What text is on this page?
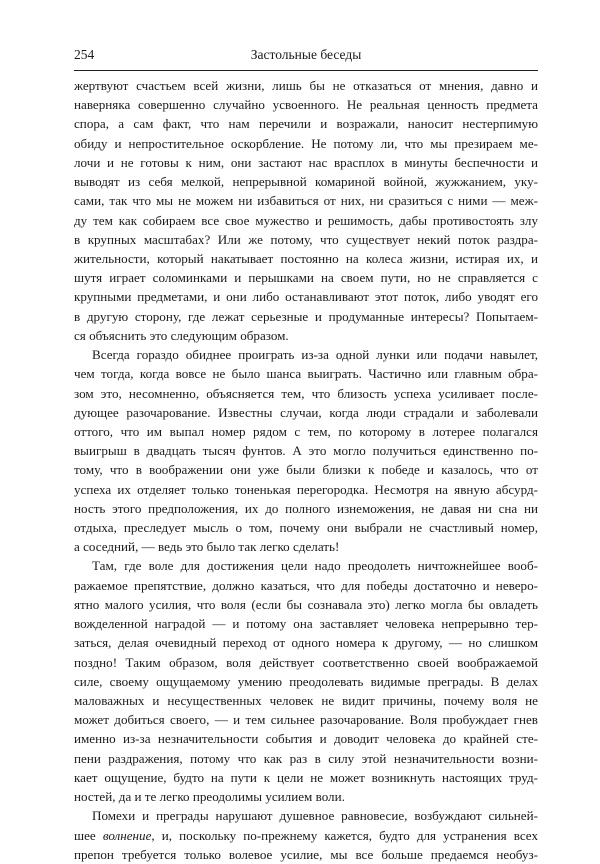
254	Застольные беседы
жертвуют счастьем всей жизни, лишь бы не отказаться от мнения, давно и
наверняка совершенно случайно усвоенного. Не реальная ценность предмета
спора, а сам факт, что нам перечили и возражали, наносит нестерпимую
обиду и непростительное оскорбление. Не потому ли, что мы презираем ме-
лочи и не готовы к ним, они застают нас врасплох в минуты беспечности и
выводят из себя мелкой, непрерывной комариной войной, жужжанием, уку-
сами, так что мы не можем ни избавиться от них, ни сразиться с ними — меж-
ду тем как собираем все свое мужество и решимость, дабы противостоять злу
в крупных масштабах? Или же потому, что существует некий поток раздра-
жительности, который накатывает постоянно на колеса жизни, истирая их, и
шутя играет соломинками и перышками на своем пути, но не справляется с
крупными предметами, и они либо останавливают этот поток, либо уводят его
в другую сторону, где лежат серьезные и продуманные интересы? Попытаем-
ся объяснить это следующим образом.
Всегда гораздо обиднее проиграть из-за одной лунки или подачи навылет,
чем тогда, когда вовсе не было шанса выиграть. Частично или главным обра-
зом это, несомненно, объясняется тем, что близость успеха усиливает после-
дующее разочарование. Известны случаи, когда люди страдали и заболевали
оттого, что им выпал номер рядом с тем, по которому в лотерее полагался
выигрыш в двадцать тысяч фунтов. А это могло получиться единственно по-
тому, что в воображении они уже были близки к победе и казалось, что от
успеха их отделяет только тоненькая перегородка. Несмотря на явную абсурд-
ность этого предположения, их до полного изнеможения, не давая ни сна ни
отдыха, преследует мысль о том, почему они выбрали не счастливый номер,
а соседний, — ведь это было так легко сделать!
Там, где воле для достижения цели надо преодолеть ничтожнейшее вооб-
ражаемое препятствие, должно казаться, что для победы достаточно и неверо-
ятно малого усилия, что воля (если бы сознавала это) легко могла бы овладеть
вожделенной наградой — и потому она заставляет человека непрерывно тер-
заться, делая очевидный переход от одного номера к другому, — но слишком
поздно! Таким образом, воля действует соответственно своей воображаемой
силе, своему ощущаемому умению преодолевать видимые преграды. В делах
маловажных и несущественных человек не видит причины, почему воля не
может добиться своего, — и тем сильнее разочарование. Воля пробуждает гнев
именно из-за незначительности события и доводит человека до крайней сте-
пени раздражения, потому что как раз в силу этой незначительности возни-
кает ощущение, будто на пути к цели не может возникнуть настоящих труд-
ностей, да и те легко преодолимы усилием воли.
Помехи и преграды нарушают душевное равновесие, возбуждают сильней-
шее волнение, и, поскольку по-прежнему кажется, будто для устранения всех
препон требуется только волевое усилие, мы все больше предаемся необуз-
